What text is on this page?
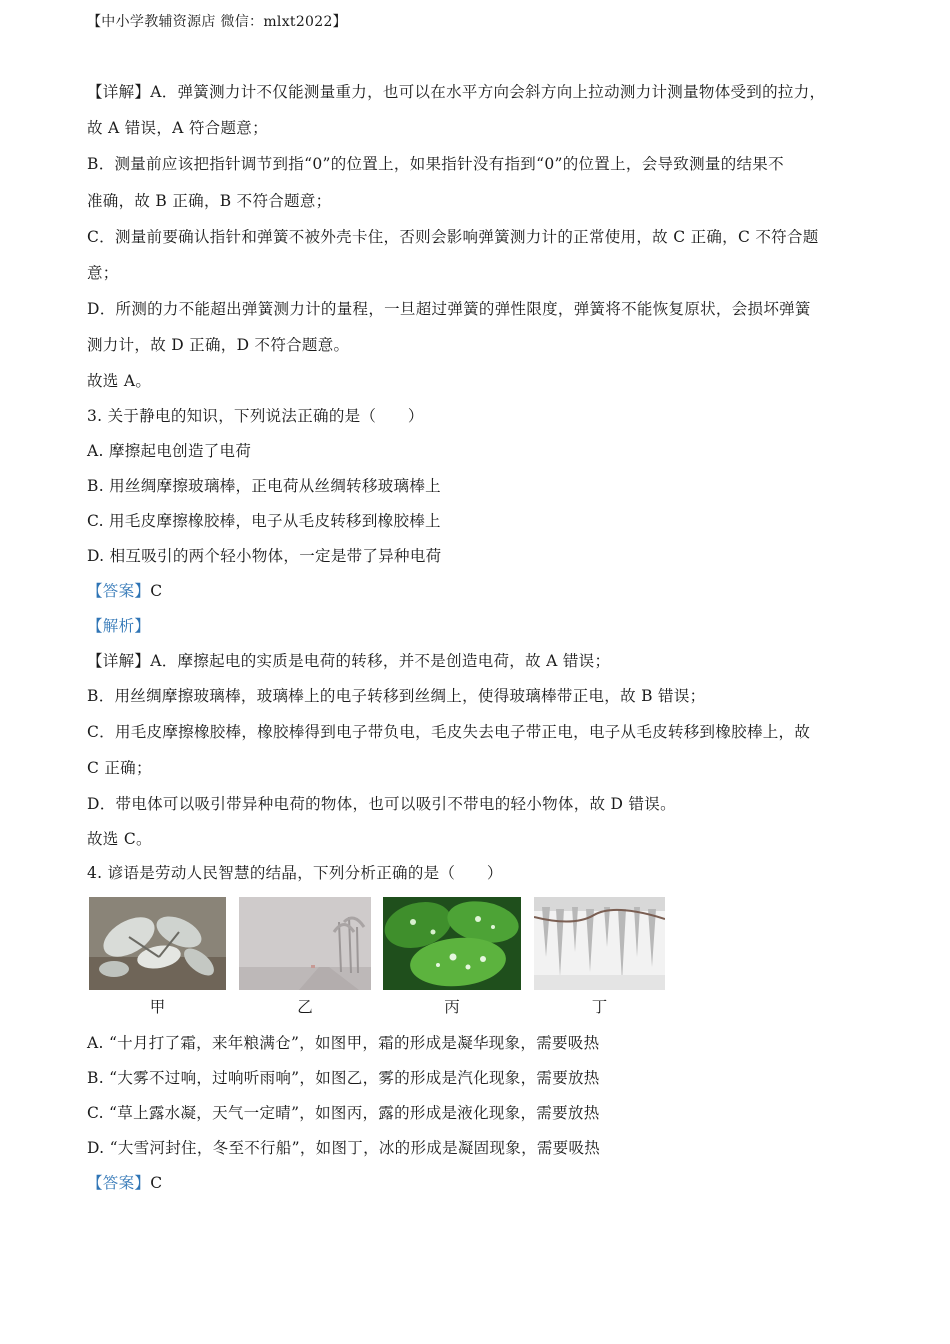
【中小学教辅资源店 微信：mlxt2022】
【详解】A．弹簧测力计不仅能测量重力，也可以在水平方向会斜方向上拉动测力计测量物体受到的拉力，
故 A 错误，A 符合题意；
B．测量前应该把指针调节到指“0”的位置上，如果指针没有指到“0”的位置上，会导致测量的结果不
准确，故 B 正确，B 不符合题意；
C．测量前要确认指针和弹簧不被外壳卡住，否则会影响弹簧测力计的正常使用，故 C 正确，C 不符合题
意；
D．所测的力不能超出弹簧测力计的量程，一旦超过弹簧的弹性限度，弹簧将不能恢复原状，会损坏弹簧
测力计，故 D 正确，D 不符合题意。
故选 A。
3. 关于静电的知识，下列说法正确的是（　　）
A. 摩擦起电创造了电荷
B. 用丝绸摩擦玻璃棒，正电荷从丝绸转移玻璃棒上
C. 用毛皮摩擦橡胶棒，电子从毛皮转移到橡胶棒上
D. 相互吸引的两个轻小物体，一定是带了异种电荷
【答案】C
【解析】
【详解】A．摩擦起电的实质是电荷的转移，并不是创造电荷，故 A 错误；
B．用丝绸摩擦玻璃棒，玻璃棒上的电子转移到丝绸上，使得玻璃棒带正电，故 B 错误；
C．用毛皮摩擦橡胶棒，橡胶棒得到电子带负电，毛皮失去电子带正电，电子从毛皮转移到橡胶棒上，故
C 正确；
D．带电体可以吸引带异种电荷的物体，也可以吸引不带电的轻小物体，故 D 错误。
故选 C。
4. 谚语是劳动人民智慧的结晶，下列分析正确的是（　　）
甲	乙	丙	丁
A. “十月打了霜，来年粮满仓”，如图甲，霜的形成是凝华现象，需要吸热
B. “大雾不过响，过响听雨响”，如图乙，雾的形成是汽化现象，需要放热
C. “草上露水凝，天气一定晴”，如图丙，露的形成是液化现象，需要放热
D. “大雪河封住，冬至不行船”，如图丁，冰的形成是凝固现象，需要吸热
【答案】C
